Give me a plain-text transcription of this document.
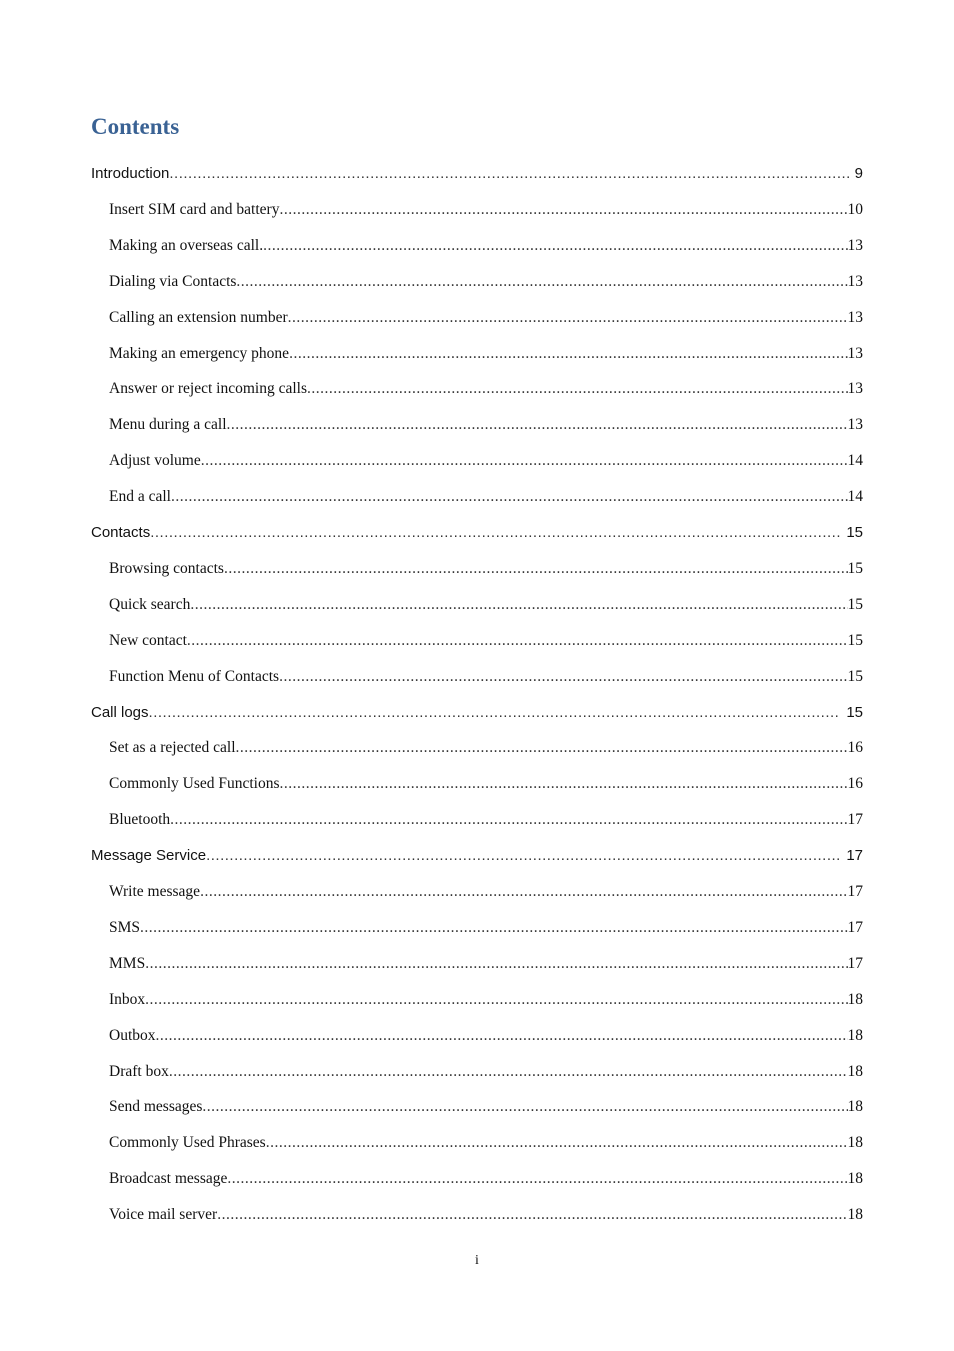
Contents
Introduction .....	9
Insert SIM card and battery .....	10
Making an overseas call. .....	13
Dialing via Contacts .....	13
Calling an extension number .....	13
Making an emergency phone .....	13
Answer or reject incoming calls .....	13
Menu during a call .....	13
Adjust volume .....	14
End a call .....	14
Contacts .....	15
Browsing contacts .....	15
Quick search .....	15
New contact .....	15
Function Menu of Contacts .....	15
Call logs .....	15
Set as a rejected call .....	16
Commonly Used Functions .....	16
Bluetooth .....	17
Message Service .....	17
Write message .....	17
SMS .....	17
MMS .....	17
Inbox .....	18
Outbox .....	18
Draft box .....	18
Send messages .....	18
Commonly Used Phrases .....	18
Broadcast message .....	18
Voice mail server .....	18
i
